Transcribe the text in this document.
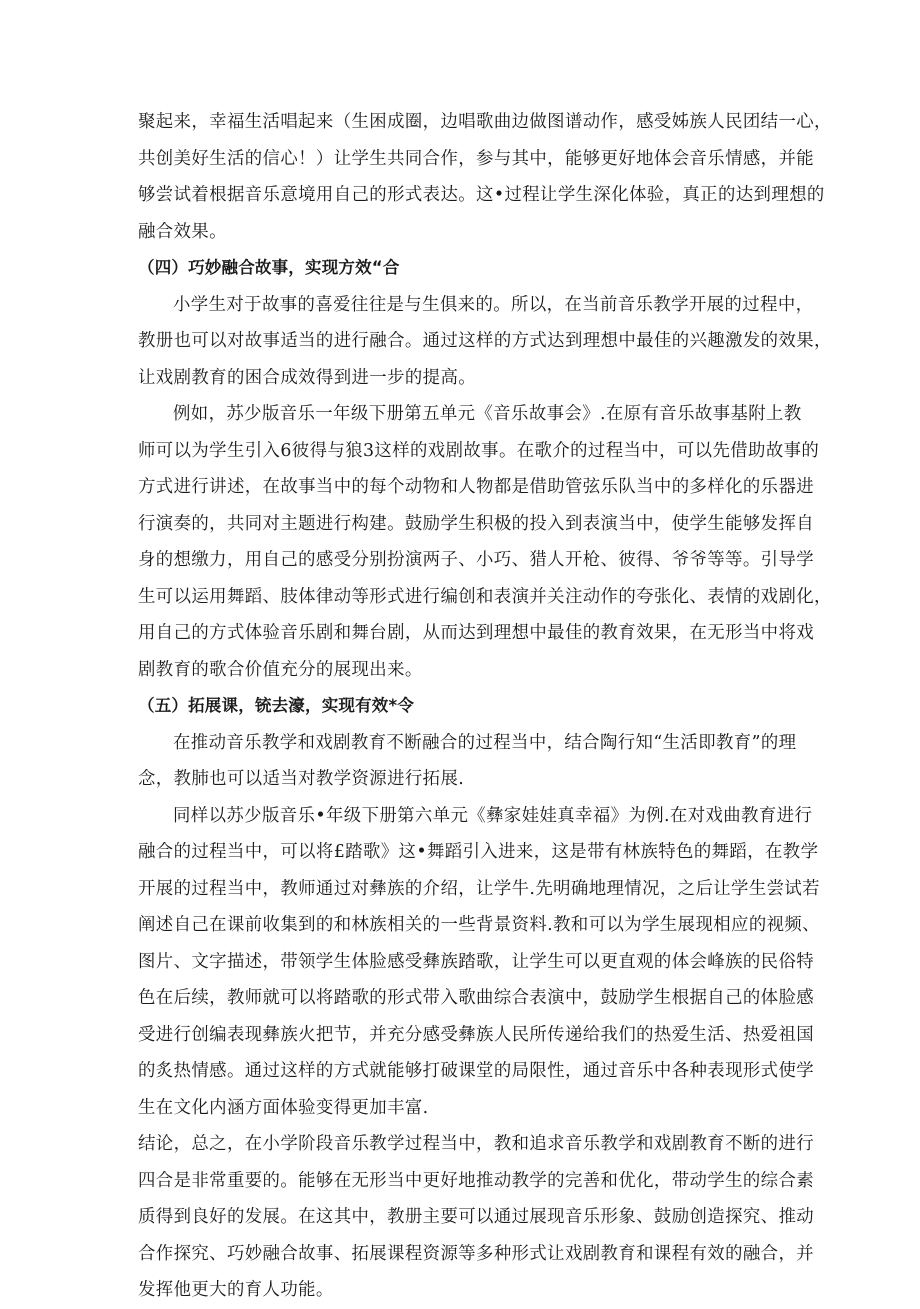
聚起来，幸福生活唱起来（生困成圈，边唱歌曲边做图谱动作，感受姊族人民团结一心，
共创美好生活的信心！）让学生共同合作，参与其中，能够更好地体会音乐情感，并能
够尝试着根据音乐意境用自己的形式表达。这•过程让学生深化体验，真正的达到理想的
融合效果。
（四）巧妙融合故事，实现方效“合
小学生对于故事的喜爱往往是与生俱来的。所以，在当前音乐教学开展的过程中，
教册也可以对故事适当的进行融合。通过这样的方式达到理想中最佳的兴趣激发的效果，
让戏剧教育的困合成效得到进一步的提高。
例如，苏少版音乐一年级下册第五单元《音乐故事会》.在原有音乐故事基附上教
师可以为学生引入6彼得与狼3这样的戏剧故事。在歌介的过程当中，可以先借助故事的
方式进行讲述，在故事当中的每个动物和人物都是借助管弦乐队当中的多样化的乐器进
行演奏的，共同对主题进行构建。鼓励学生积极的投入到表演当中，使学生能够发挥自
身的想缴力，用自己的感受分别扮演两子、小巧、猎人开枪、彼得、爷爷等等。引导学
生可以运用舞蹈、肢体律动等形式进行编创和表演并关注动作的夸张化、表情的戏剧化，
用自己的方式体验音乐剧和舞台剧，从而达到理想中最佳的教育效果，在无形当中将戏
剧教育的歌合价值充分的展现出来。
（五）拓展课，铳去濠，实现有效*令
在推动音乐教学和戏剧教育不断融合的过程当中，结合陶行知“生活即教育”的理
念，教肺也可以适当对教学资源进行拓展.
同样以苏少版音乐•年级下册第六单元《彝家娃娃真幸福》为例.在对戏曲教育进行
融合的过程当中，可以将£踏歌》这•舞蹈引入进来，这是带有林族特色的舞蹈，在教学
开展的过程当中，教师通过对彝族的介绍，让学牛.先明确地理情况，之后让学生尝试若
阐述自己在课前收集到的和林族相关的一些背景资料.教和可以为学生展现相应的视频、
图片、文字描述，带领学生体脸感受彝族踏歌，让学生可以更直观的体会峰族的民俗特
色在后续，教师就可以将踏歌的形式带入歌曲综合表演中，鼓励学生根据自己的体脸感
受进行创编表现彝族火把节，并充分感受彝族人民所传递给我们的热爱生活、热爱祖国
的炙热情感。通过这样的方式就能够打破课堂的局限性，通过音乐中各种表现形式使学
生在文化内涵方面体验变得更加丰富.
结论，总之，在小学阶段音乐教学过程当中，教和追求音乐教学和戏剧教育不断的进行
四合是非常重要的。能够在无形当中更好地推动教学的完善和优化，带动学生的综合素
质得到良好的发展。在这其中，教册主要可以通过展现音乐形象、鼓励创造探究、推动
合作探究、巧妙融合故事、拓展课程资源等多种形式让戏剧教育和课程有效的融合，并
发挥他更大的育人功能。
